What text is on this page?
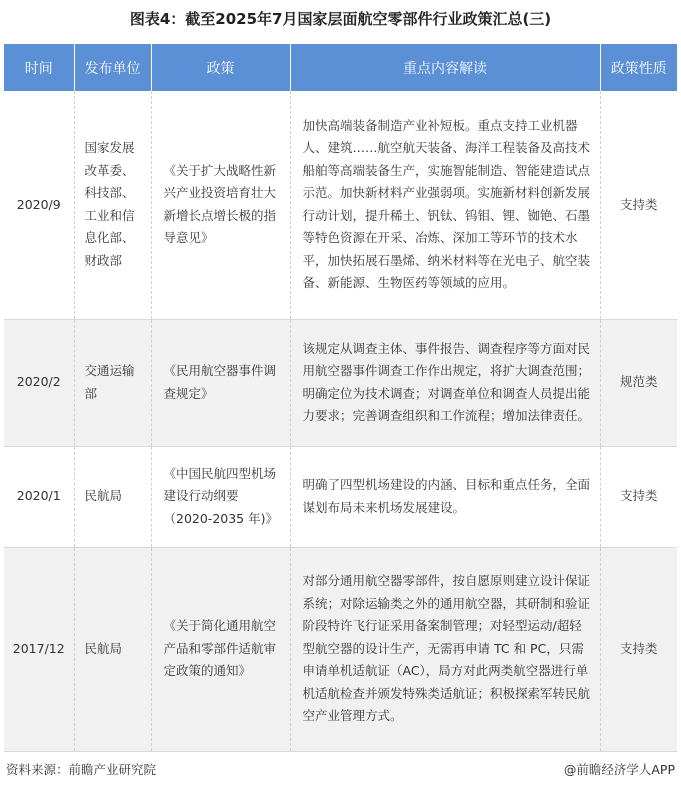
图表4：截至2025年7月国家层面航空零部件行业政策汇总(三)
时间	发布单位	政策	重点内容解读	政策性质
2020/9	国家发展改革委、科技部、工业和信息化部、财政部	《关于扩大战略性新兴产业投资培育壮大新增长点增长极的指导意见》	加快高端装备制造产业补短板。重点支持工业机器人、建筑……航空航天装备、海洋工程装备及高技术船舶等高端装备生产，实施智能制造、智能建造试点示范。加快新材料产业强弱项。实施新材料创新发展行动计划，提升稀土、钒钛、钨钼、锂、铷铯、石墨等特色资源在开采、冶炼、深加工等环节的技术水平，加快拓展石墨烯、纳米材料等在光电子、航空装备、新能源、生物医药等领域的应用。	支持类
2020/2	交通运输部	《民用航空器事件调查规定》	该规定从调查主体、事件报告、调查程序等方面对民用航空器事件调查工作作出规定，将扩大调查范围；明确定位为技术调查；对调查单位和调查人员提出能力要求；完善调查组织和工作流程；增加法律责任。	规范类
2020/1	民航局	《中国民航四型机场建设行动纲要（2020-2035 年)》	明确了四型机场建设的内涵、目标和重点任务，全面谋划布局未来机场发展建设。	支持类
2017/12	民航局	《关于简化通用航空产品和零部件适航审定政策的通知》	对部分通用航空器零部件，按自愿原则建立设计保证系统；对除运输类之外的通用航空器，其研制和验证阶段特许飞行证采用备案制管理；对轻型运动/超轻型航空器的设计生产，无需再申请 TC 和 PC，只需申请单机适航证（AC），局方对此两类航空器进行单机适航检查并颁发特殊类适航证；积极探索军转民航空产业管理方式。	支持类
资料来源：前瞻产业研究院	@前瞻经济学人APP
